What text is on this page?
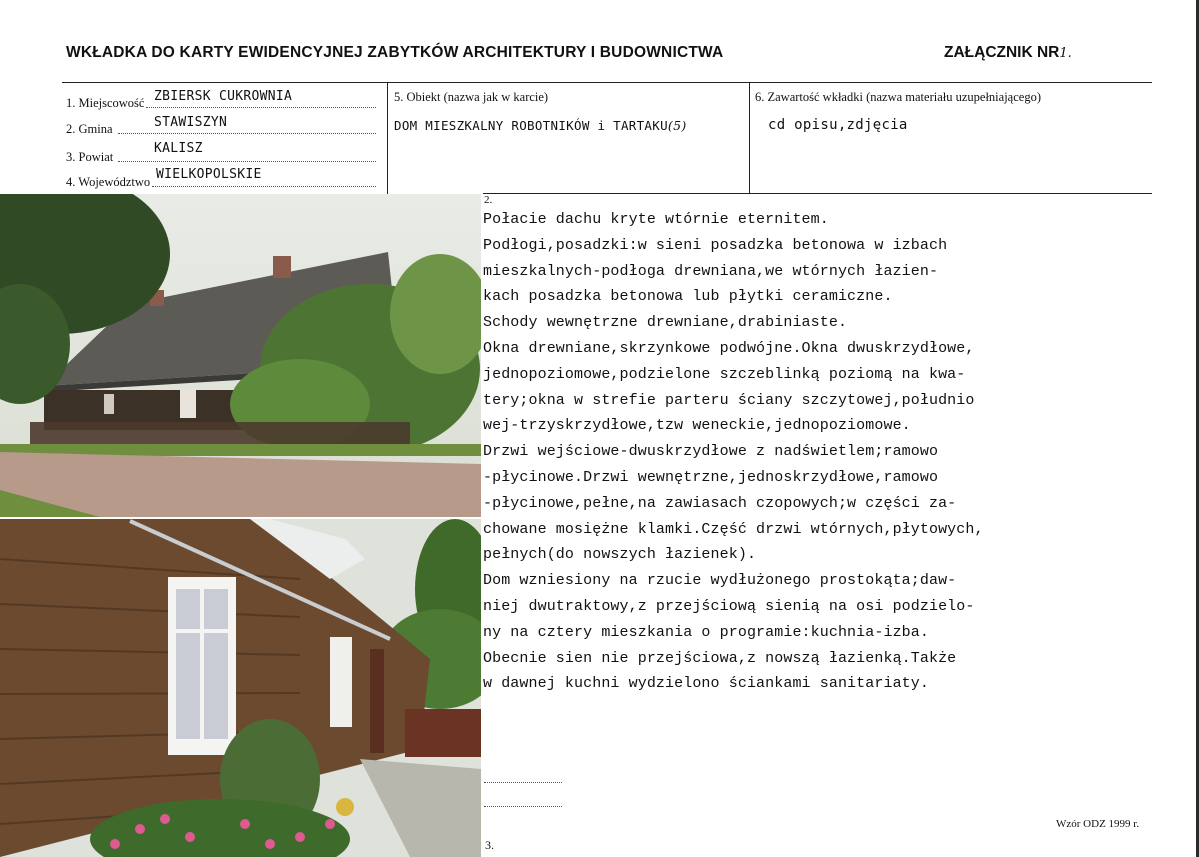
WKŁADKA DO KARTY EWIDENCYJNEJ ZABYTKÓW ARCHITEKTURY I BUDOWNICTWA	ZAŁĄCZNIK NR1.
1. Miejscowość ZBIERSK CUKROWNIA
2. Gmina	STAWISZYN
3. Powiat
KALISZ
4. Województwo WIELKOPOLSKIE
5. Obiekt (nazwa jak w karcie)
DOM MIESZKALNY ROBOTNIKÓW i TARTAKU(5)
6. Zawartość wkładki (nazwa materiału uzupełniającego)
cd opisu,zdjęcia
2.
Połacie dachu kryte wtórnie eternitem.
Podłogi,posadzki:w sieni posadzka betonowa w izbach
mieszkalnych-podłoga drewniana,we wtórnych łazien-
kach posadzka betonowa lub płytki ceramiczne.
Schody wewnętrzne drewniane,drabiniaste.
Okna drewniane,skrzynkowe podwójne.Okna dwuskrzydłowe,
jednopoziomowe,podzielone szczeblinką poziomą na kwa-
tery;okna w strefie parteru ściany szczytowej,południo
wej-trzyskrzydłowe,tzw weneckie,jednopoziomowe.
Drzwi wejściowe-dwuskrzydłowe z nadświetlem;ramowo
-płycinowe.Drzwi wewnętrzne,jednoskrzydłowe,ramowo
-płycinowe,pełne,na zawiasach czopowych;w części za-
chowane mosiężne klamki.Część drzwi wtórnych,płytowych,
pełnych(do nowszych łazienek).
Dom wzniesiony na rzucie wydłużonego prostokąta;daw-
niej dwutraktowy,z przejściową sienią na osi podzielo-
ny na cztery mieszkania o programie:kuchnia-izba.
Obecnie sien nie przejściowa,z nowszą łazienką.Także
w dawnej kuchni wydzielono ściankami sanitariaty.
3.
Wzór ODZ 1999 r.
